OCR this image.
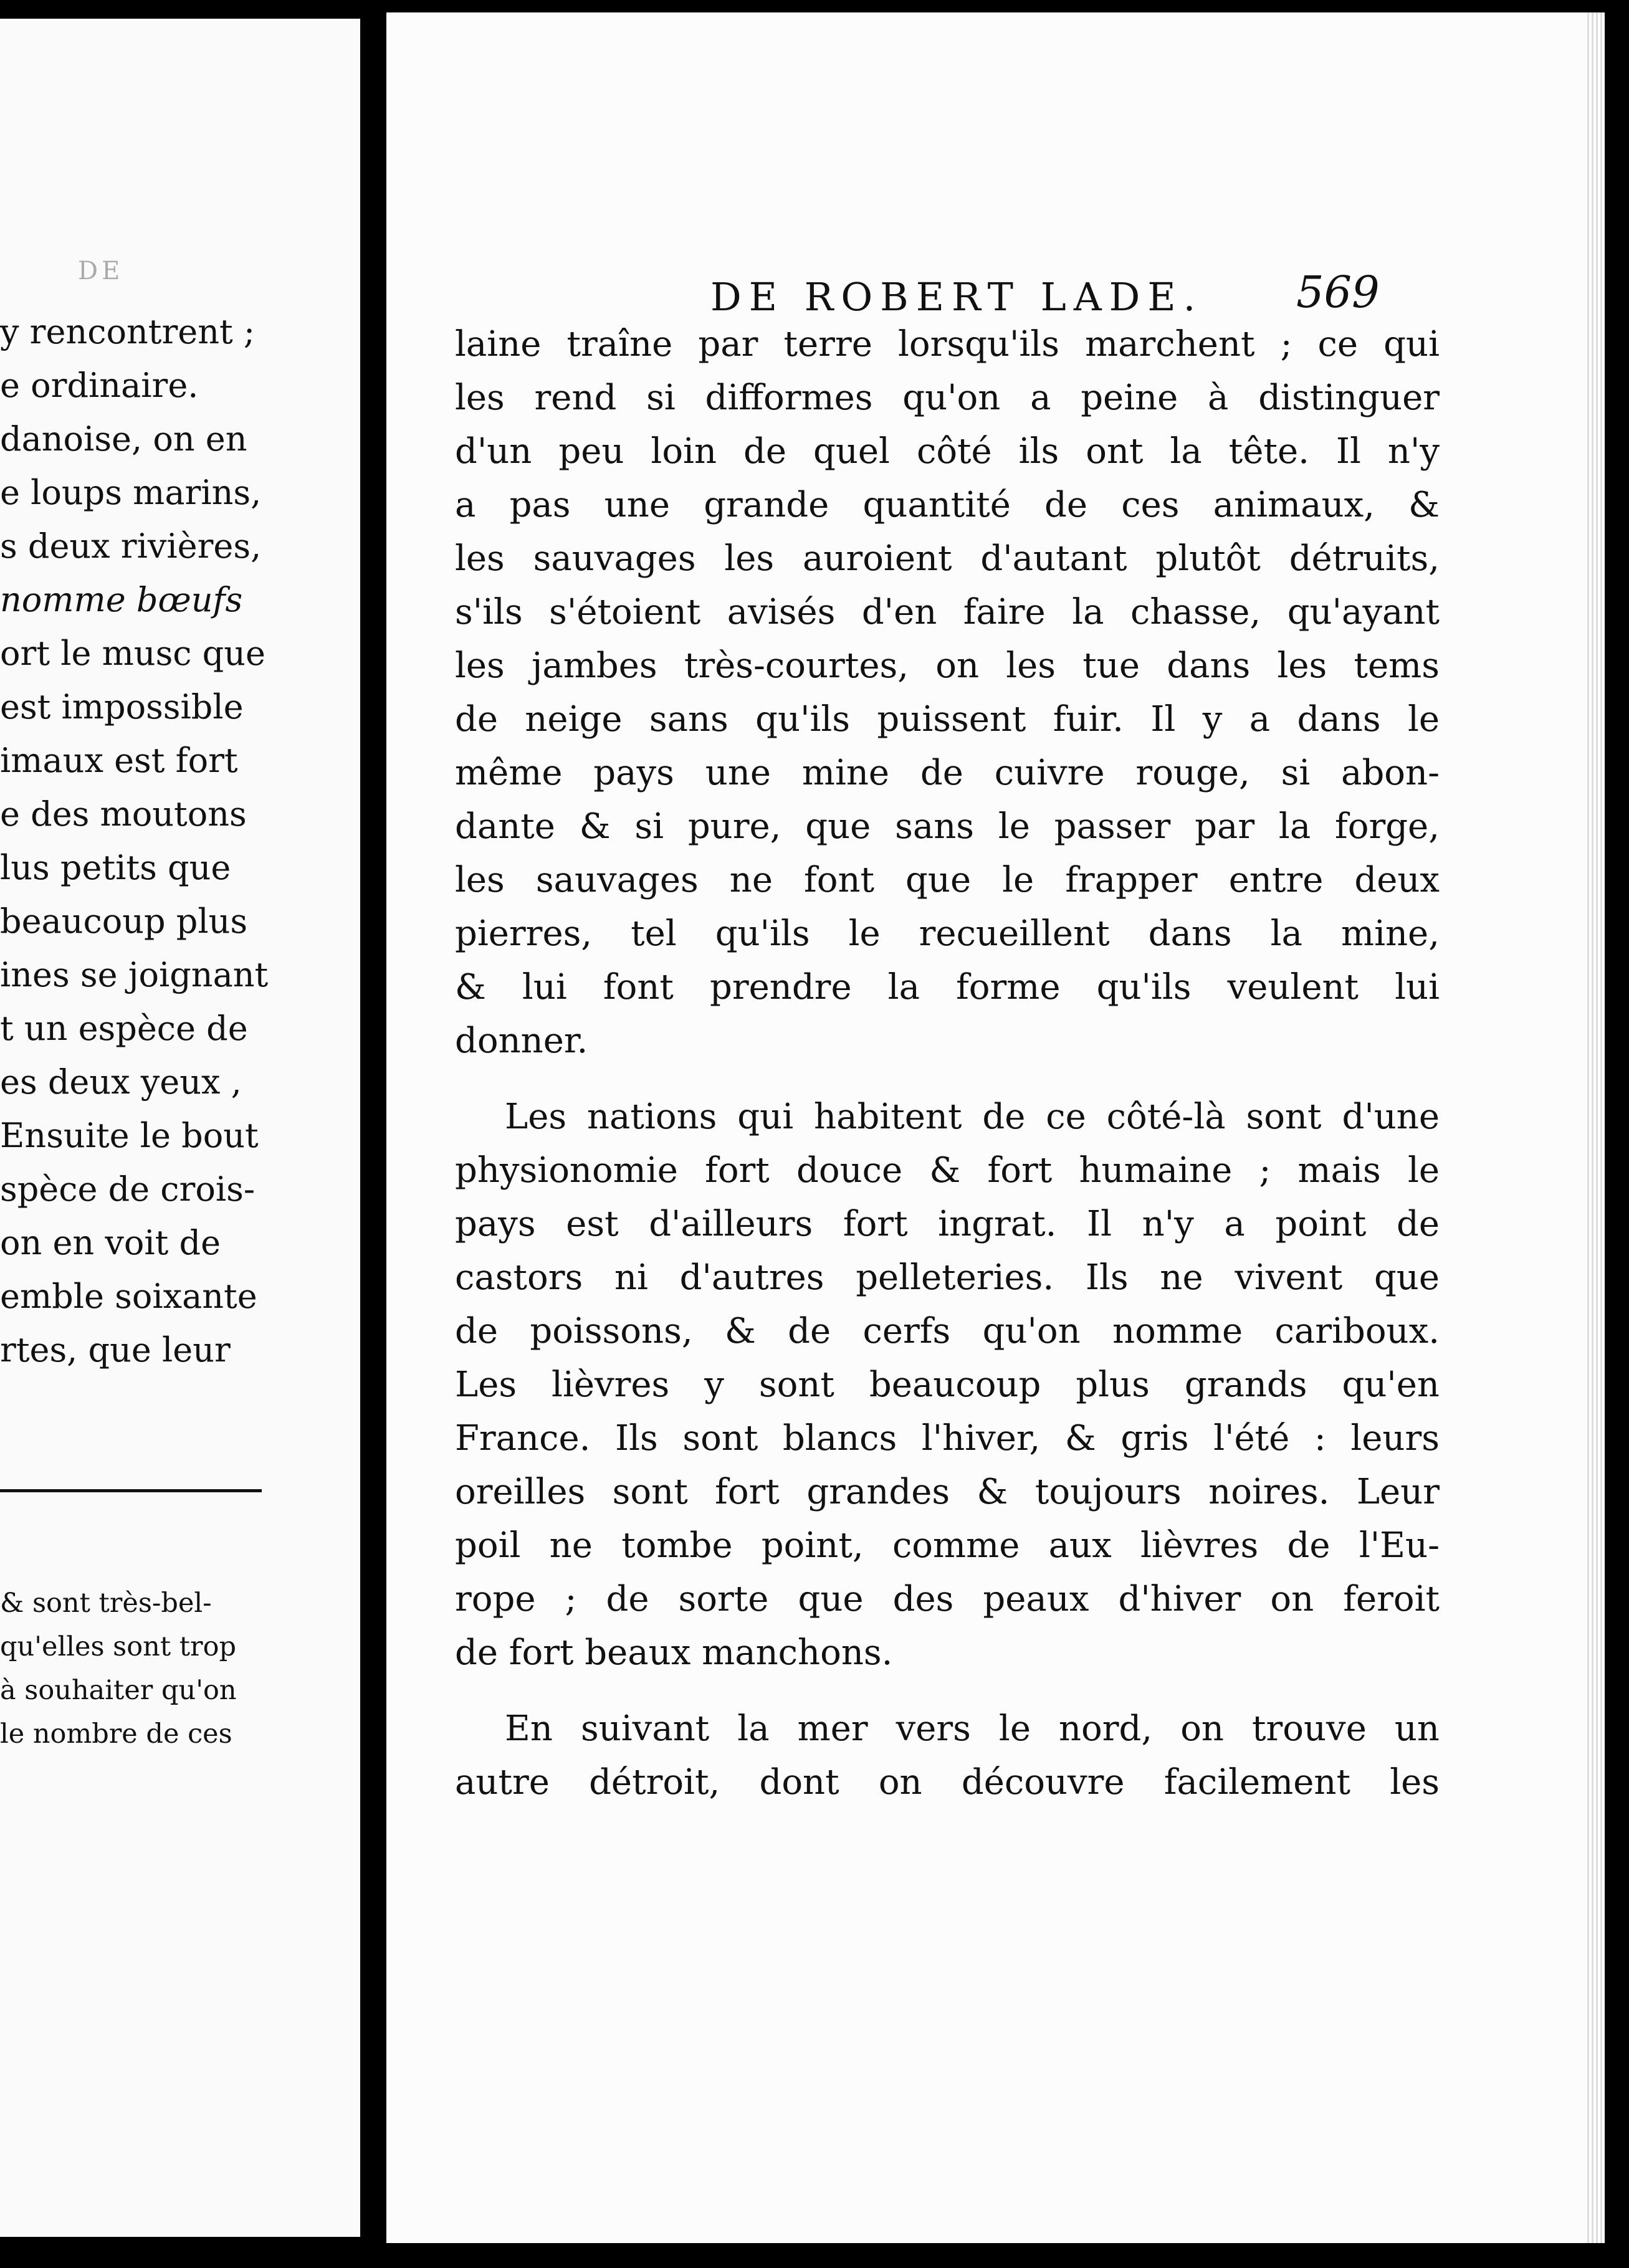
DE
y rencontrent ;
e ordinaire.
danoise, on en
e loups marins,
s deux rivières,
nomme bœufs
ort le musc que
est impossible
imaux est fort
e des moutons
lus petits que
beaucoup plus
ines se joignant
t un espèce de
es deux yeux ,
Ensuite le bout
spèce de crois-
on en voit de
emble soixante
rtes, que leur
& sont très-bel-
qu'elles sont trop
à souhaiter qu'on
le nombre de ces
DE ROBERT LADE. 569
laine traîne par terre lorsqu'ils marchent ; ce qui
les rend si difformes qu'on a peine à distinguer
d'un peu loin de quel côté ils ont la tête. Il n'y
a pas une grande quantité de ces animaux, &
les sauvages les auroient d'autant plutôt détruits,
s'ils s'étoient avisés d'en faire la chasse, qu'ayant
les jambes très-courtes, on les tue dans les tems
de neige sans qu'ils puissent fuir. Il y a dans le
même pays une mine de cuivre rouge, si abon-
dante & si pure, que sans le passer par la forge,
les sauvages ne font que le frapper entre deux
pierres, tel qu'ils le recueillent dans la mine,
& lui font prendre la forme qu'ils veulent lui
donner.
Les nations qui habitent de ce côté-là sont d'une
physionomie fort douce & fort humaine ; mais le
pays est d'ailleurs fort ingrat. Il n'y a point de
castors ni d'autres pelleteries. Ils ne vivent que
de poissons, & de cerfs qu'on nomme cariboux.
Les lièvres y sont beaucoup plus grands qu'en
France. Ils sont blancs l'hiver, & gris l'été : leurs
oreilles sont fort grandes & toujours noires. Leur
poil ne tombe point, comme aux lièvres de l'Eu-
rope ; de sorte que des peaux d'hiver on feroit
de fort beaux manchons.
En suivant la mer vers le nord, on trouve un
autre détroit, dont on découvre facilement les
